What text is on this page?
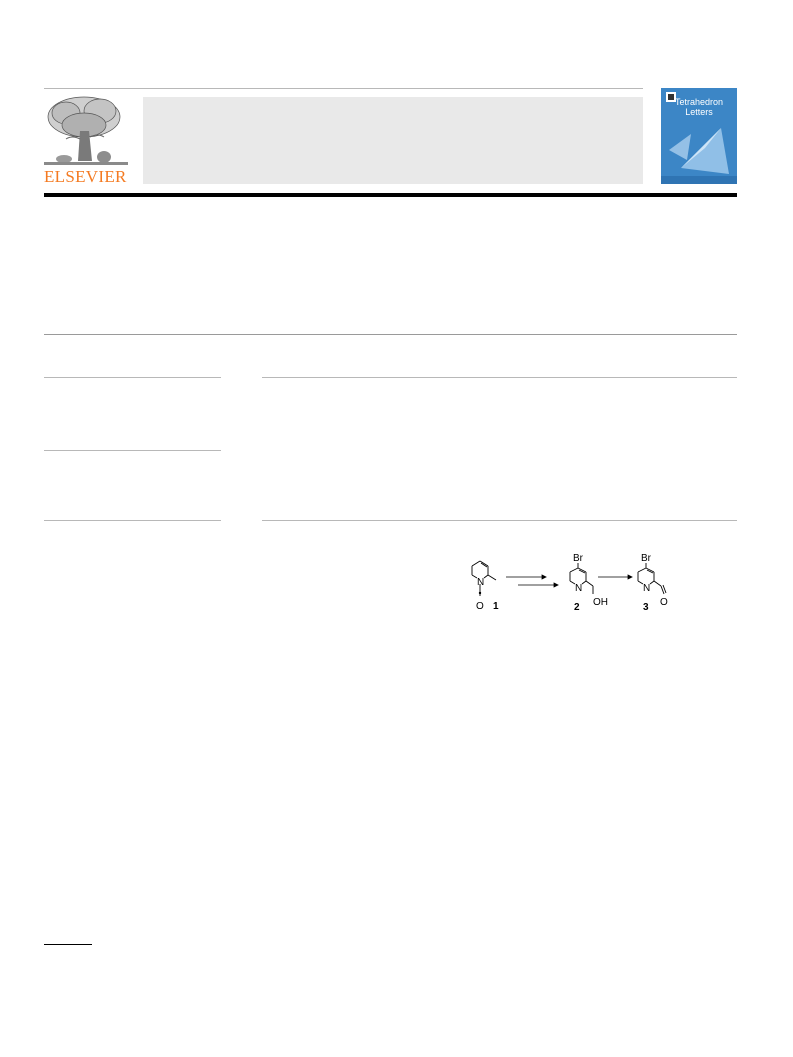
ELSEVIER
Tetrahedron
Letters
N
O 1
Br
N
OH
2
Br
N
O
3
